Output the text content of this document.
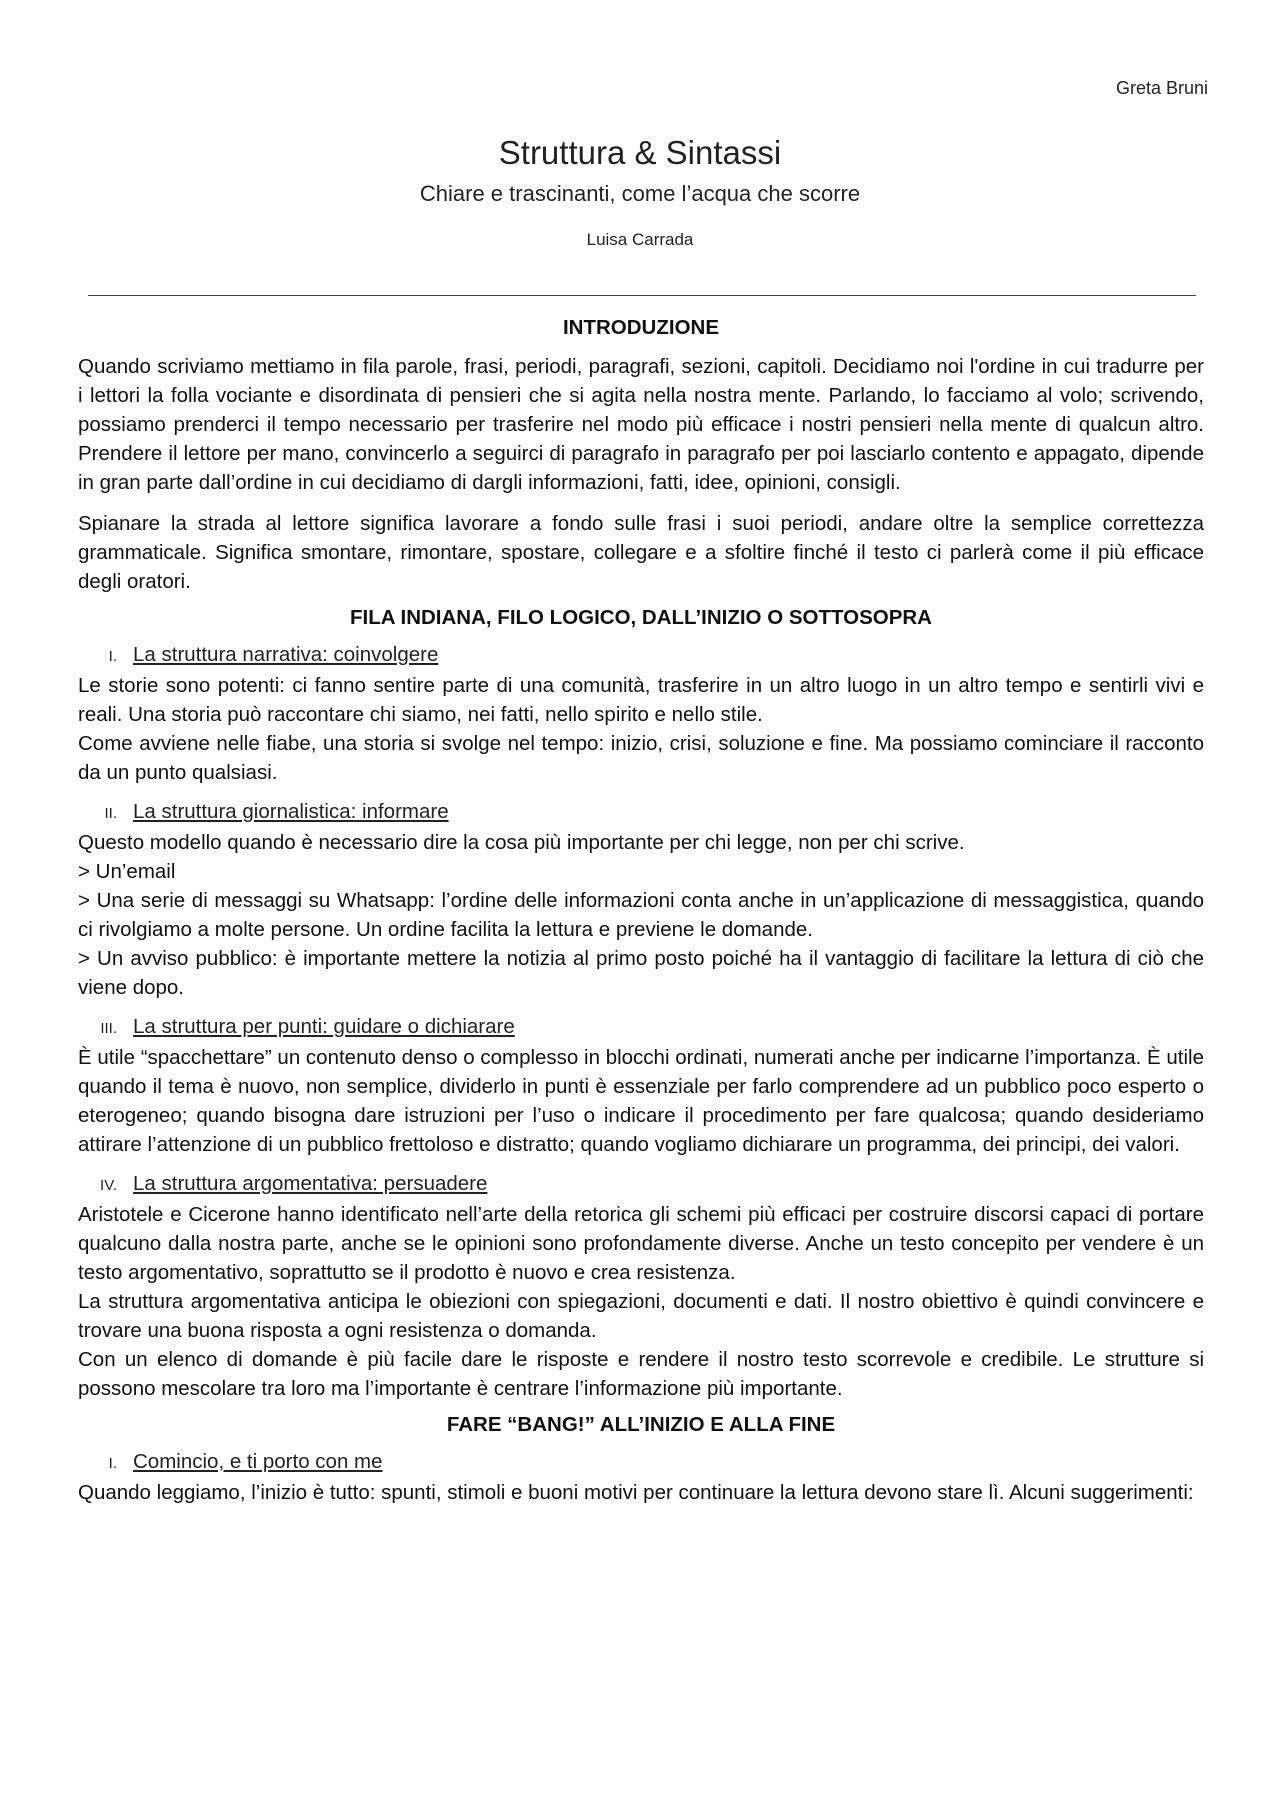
Greta Bruni
Struttura & Sintassi
Chiare e trascinanti, come l’acqua che scorre
Luisa Carrada
INTRODUZIONE

Quando scriviamo mettiamo in fila parole, frasi, periodi, paragrafi, sezioni, capitoli. Decidiamo noi l'ordine in cui tradurre per i lettori la folla vociante e disordinata di pensieri che si agita nella nostra mente. Parlando, lo facciamo al volo; scrivendo, possiamo prenderci il tempo necessario per trasferire nel modo più efficace i nostri pensieri nella mente di qualcun altro. Prendere il lettore per mano, convincerlo a seguirci di paragrafo in paragrafo per poi lasciarlo contento e appagato, dipende in gran parte dall’ordine in cui decidiamo di dargli informazioni, fatti, idee, opinioni, consigli.

Spianare la strada al lettore significa lavorare a fondo sulle frasi i suoi periodi, andare oltre la semplice correttezza grammaticale. Significa smontare, rimontare, spostare, collegare e a sfoltire finché il testo ci parlerà come il più efficace degli oratori.

FILA INDIANA, FILO LOGICO, DALL’INIZIO O SOTTOSOPRA
I. La struttura narrativa: coinvolgere

Le storie sono potenti: ci fanno sentire parte di una comunità, trasferire in un altro luogo in un altro tempo e sentirli vivi e reali. Una storia può raccontare chi siamo, nei fatti, nello spirito e nello stile.

Come avviene nelle fiabe, una storia si svolge nel tempo: inizio, crisi, soluzione e fine. Ma possiamo cominciare il racconto da un punto qualsiasi.

II. La struttura giornalistica: informare

Questo modello quando è necessario dire la cosa più importante per chi legge, non per chi scrive.

> Un’email

> Una serie di messaggi su Whatsapp: l’ordine delle informazioni conta anche in un’applicazione di messaggistica, quando ci rivolgiamo a molte persone. Un ordine facilita la lettura e previene le domande.

> Un avviso pubblico: è importante mettere la notizia al primo posto poiché ha il vantaggio di facilitare la lettura di ciò che viene dopo.

III. La struttura per punti: guidare o dichiarare

È utile “spacchettare” un contenuto denso o complesso in blocchi ordinati, numerati anche per indicarne l’importanza. È utile quando il tema è nuovo, non semplice, dividerlo in punti è essenziale per farlo comprendere ad un pubblico poco esperto o eterogeneo; quando bisogna dare istruzioni per l’uso o indicare il procedimento per fare qualcosa; quando desideriamo attirare l’attenzione di un pubblico frettoloso e distratto; quando vogliamo dichiarare un programma, dei principi, dei valori.

IV. La struttura argomentativa: persuadere

Aristotele e Cicerone hanno identificato nell’arte della retorica gli schemi più efficaci per costruire discorsi capaci di portare qualcuno dalla nostra parte, anche se le opinioni sono profondamente diverse. Anche un testo concepito per vendere è un testo argomentativo, soprattutto se il prodotto è nuovo e crea resistenza.

La struttura argomentativa anticipa le obiezioni con spiegazioni, documenti e dati. Il nostro obiettivo è quindi convincere e trovare una buona risposta a ogni resistenza o domanda.

Con un elenco di domande è più facile dare le risposte e rendere il nostro testo scorrevole e credibile. Le strutture si possono mescolare tra loro ma l’importante è centrare l’informazione più importante.

FARE “BANG!” ALL’INIZIO E ALLA FINE
I. Comincio, e ti porto con me

Quando leggiamo, l’inizio è tutto: spunti, stimoli e buoni motivi per continuare la lettura devono stare lì. Alcuni suggerimenti:
